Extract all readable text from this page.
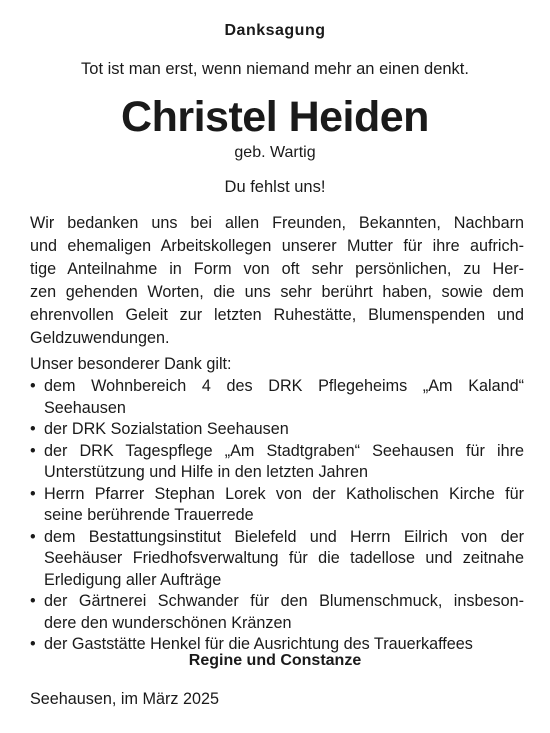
Danksagung
Tot ist man erst, wenn niemand mehr an einen denkt.
Christel Heiden
geb. Wartig
Du fehlst uns!

Wir bedanken uns bei allen Freunden, Bekannten, Nachbarn
und ehemaligen Arbeitskollegen unserer Mutter für ihre aufrich-
tige Anteilnahme in Form von oft sehr persönlichen, zu Her-
zen gehenden Worten, die uns sehr berührt haben, sowie dem
ehrenvollen Geleit zur letzten Ruhestätte, Blumenspenden und
Geldzuwendungen.

Unser besonderer Dank gilt:
• dem Wohnbereich 4 des DRK Pflegeheims „Am Kaland“
Seehausen
• der DRK Sozialstation Seehausen
• der DRK Tagespflege „Am Stadtgraben“ Seehausen für ihre
Unterstützung und Hilfe in den letzten Jahren
• Herrn Pfarrer Stephan Lorek von der Katholischen Kirche für
seine berührende Trauerrede
• dem Bestattungsinstitut Bielefeld und Herrn Eilrich von der
Seehäuser Friedhofsverwaltung für die tadellose und zeitnahe
Erledigung aller Aufträge
• der Gärtnerei Schwander für den Blumenschmuck, insbeson-
dere den wunderschönen Kränzen
• der Gaststätte Henkel für die Ausrichtung des Trauerkaffees
Regine und Constanze
Seehausen, im März 2025
